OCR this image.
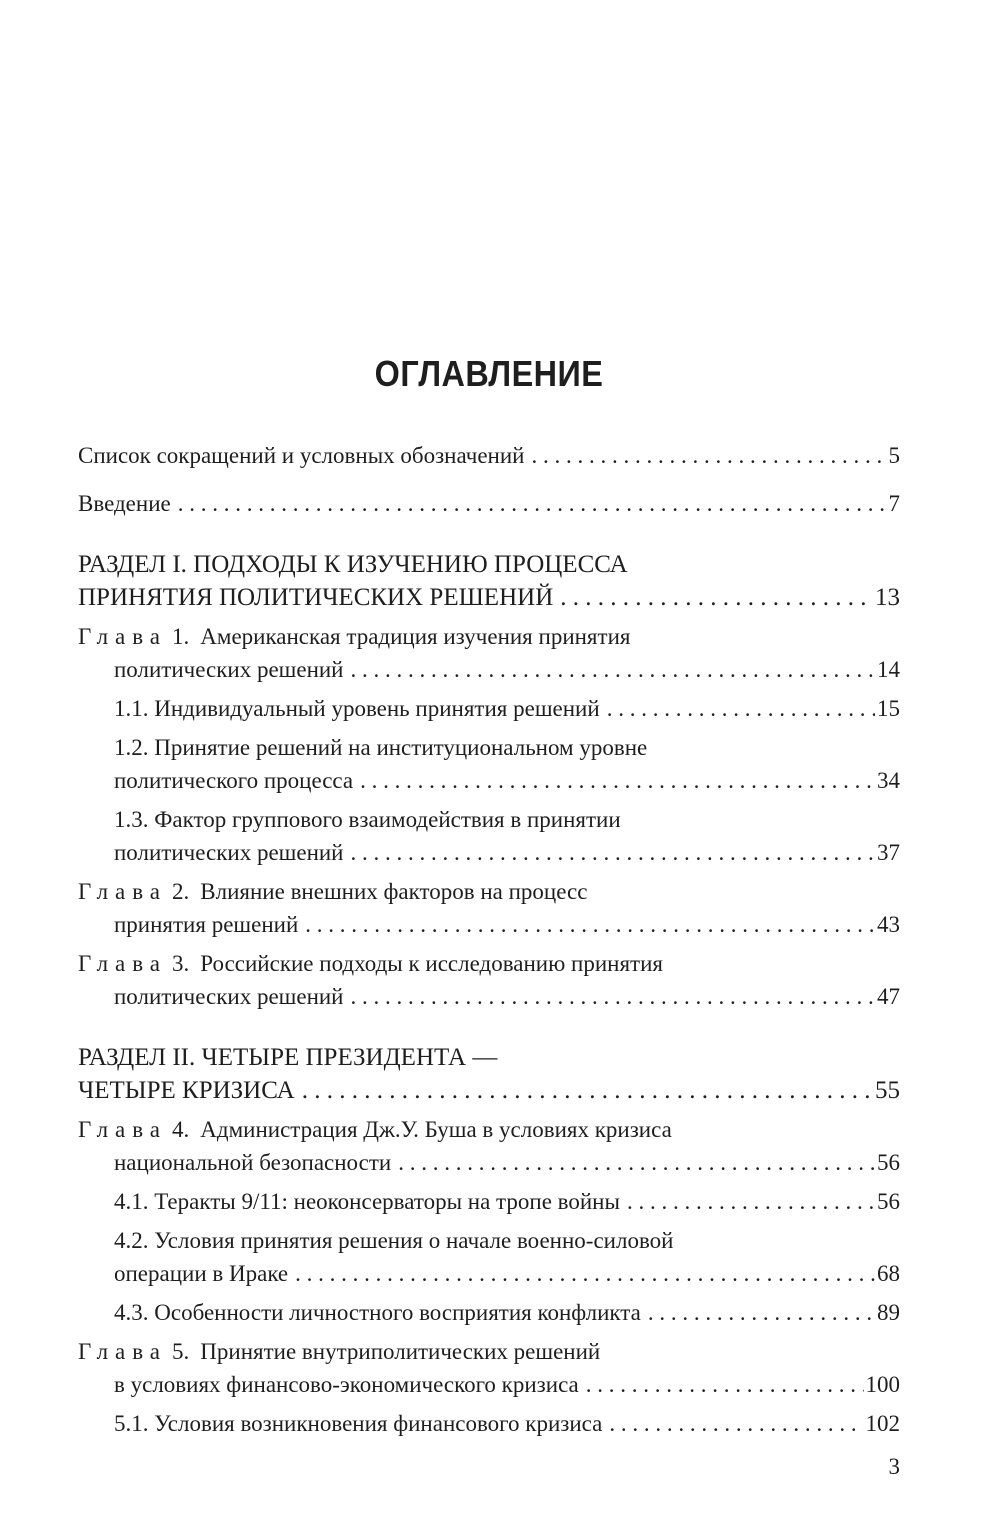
ОГЛАВЛЕНИЕ
Список сокращений и условных обозначений . . .	5
Введение . . .	7
РАЗДЕЛ I. ПОДХОДЫ К ИЗУЧЕНИЮ ПРОЦЕССА
ПРИНЯТИЯ ПОЛИТИЧЕСКИХ РЕШЕНИЙ . . .	13
Глава 1. Американская традиция изучения принятия
политических решений . . .	14
1.1. Индивидуальный уровень принятия решений . . .	15
1.2. Принятие решений на институциональном уровне
политического процесса . . .	34
1.3. Фактор группового взаимодействия в принятии
политических решений . . .	37
Глава 2. Влияние внешних факторов на процесс
принятия решений . . .	43
Глава 3. Российские подходы к исследованию принятия
политических решений . . .	47
РАЗДЕЛ II. ЧЕТЫРЕ ПРЕЗИДЕНТА —
ЧЕТЫРЕ КРИЗИСА . . .	55
Глава 4. Администрация Дж.У. Буша в условиях кризиса
национальной безопасности . . .	56
4.1. Теракты 9/11: неоконсерваторы на тропе войны . . .	56
4.2. Условия принятия решения о начале военно-силовой
операции в Ираке . . .	68
4.3. Особенности личностного восприятия конфликта . . .	89
Глава 5. Принятие внутриполитических решений
в условиях финансово-экономического кризиса . . .	100
5.1. Условия возникновения финансового кризиса . . .	102
3
